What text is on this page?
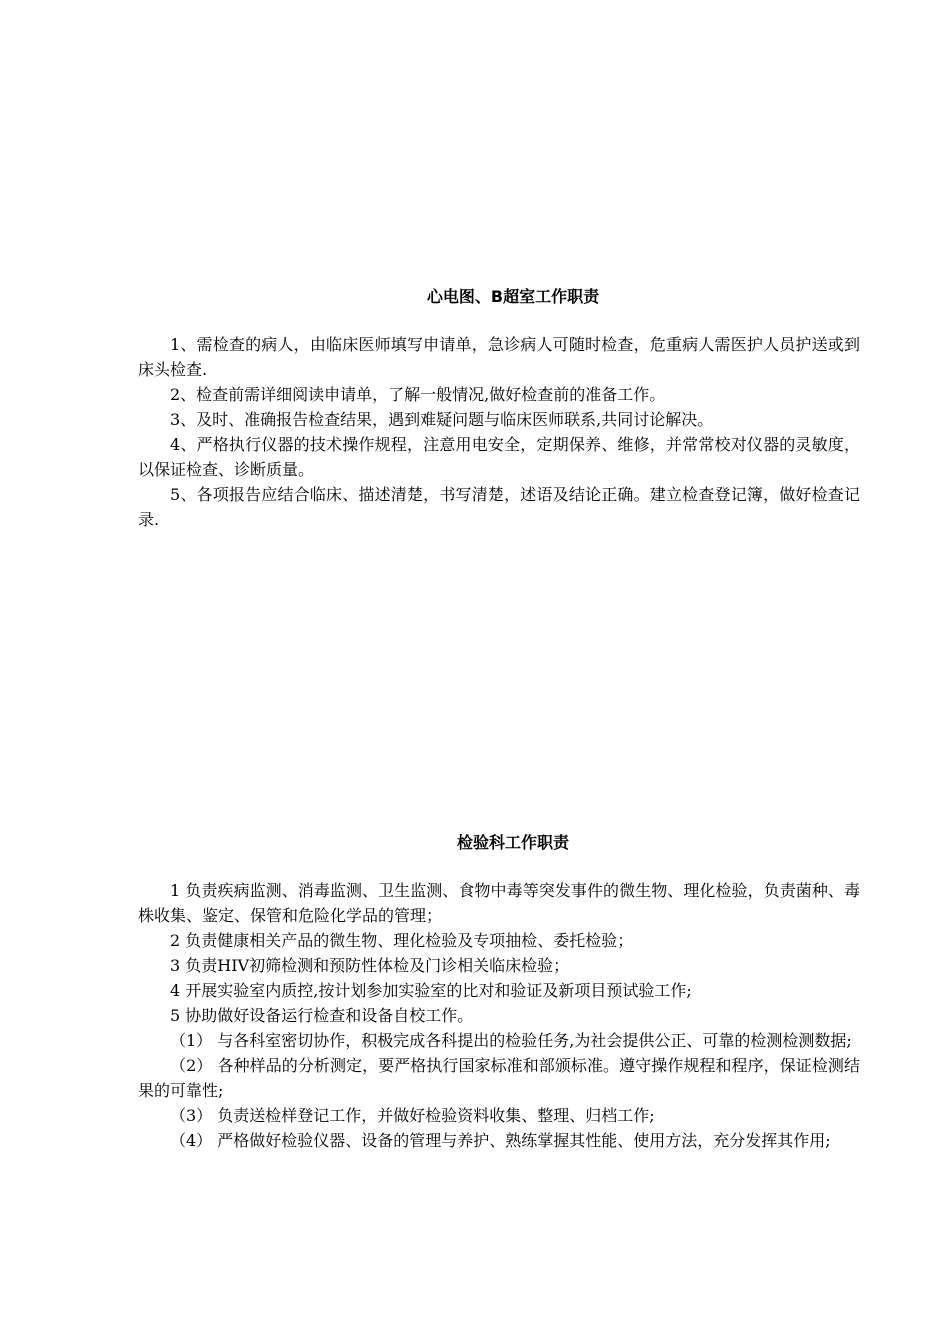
心电图、B超室工作职责

1、需检查的病人，由临床医师填写申请单，急诊病人可随时检查，危重病人需医护人员护送或到床头检查.

2、检查前需详细阅读申请单，了解一般情况,做好检查前的准备工作。

3、及时、准确报告检查结果，遇到难疑问题与临床医师联系,共同讨论解决。

4、严格执行仪器的技术操作规程，注意用电安全，定期保养、维修，并常常校对仪器的灵敏度，以保证检查、诊断质量。

5、各项报告应结合临床、描述清楚，书写清楚，述语及结论正确。建立检查登记簿，做好检查记录.

检验科工作职责

1 负责疾病监测、消毒监测、卫生监测、食物中毒等突发事件的微生物、理化检验，负责菌种、毒株收集、鉴定、保管和危险化学品的管理；

2 负责健康相关产品的微生物、理化检验及专项抽检、委托检验；

3 负责HIV初筛检测和预防性体检及门诊相关临床检验；

4 开展实验室内质控,按计划参加实验室的比对和验证及新项目预试验工作;

5 协助做好设备运行检查和设备自校工作。

（1） 与各科室密切协作，积极完成各科提出的检验任务,为社会提供公正、可靠的检测检测数据;

（2） 各种样品的分析测定，要严格执行国家标准和部颁标准。遵守操作规程和程序，保证检测结果的可靠性;

（3） 负责送检样登记工作，并做好检验资料收集、整理、归档工作;

（4） 严格做好检验仪器、设备的管理与养护、熟练掌握其性能、使用方法，充分发挥其作用;
